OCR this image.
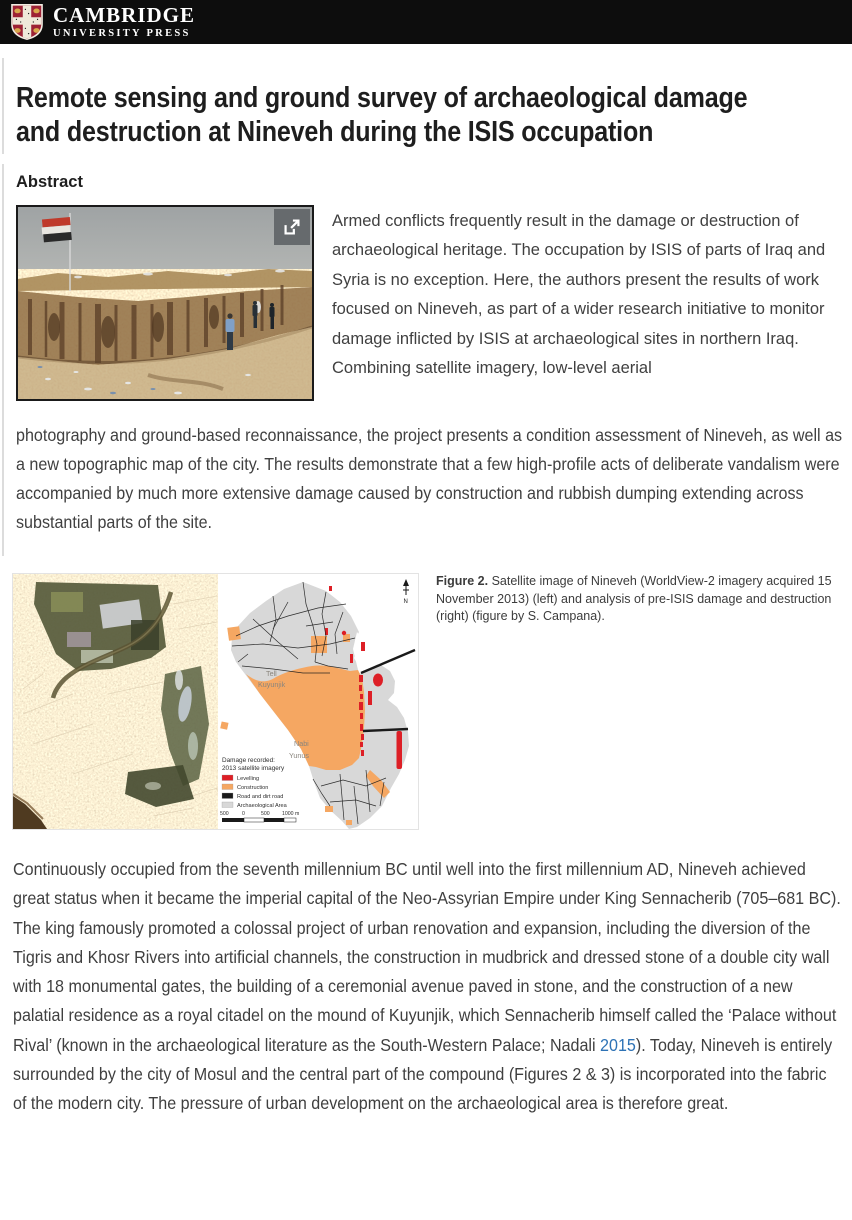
CAMBRIDGE
UNIVERSITY PRESS
Remote sensing and ground survey of archaeological damage and destruction at Nineveh during the ISIS occupation
Abstract

Armed conflicts frequently result in the damage or destruction of archaeological heritage. The occupation by ISIS of parts of Iraq and Syria is no exception. Here, the authors present the results of work focused on Nineveh, as part of a wider research initiative to monitor damage inflicted by ISIS at archaeological sites in northern Iraq. Combining satellite imagery, low-level aerial

photography and ground-based reconnaissance, the project presents a condition assessment of Nineveh, as well as a new topographic map of the city. The results demonstrate that a few high-profile acts of deliberate vandalism were accompanied by much more extensive damage caused by construction and rubbish dumping extending across substantial parts of the site.

Tell
Kuyunjik
Nabi
Yunus
N
Damage recorded:
2013 satellite imagery
Levelling
Construction
Road and dirt road
Archaeological Area
500	0	500 1000 m

Figure 2. Satellite image of Nineveh (WorldView-2 imagery acquired 15 November 2013) (left) and analysis of pre-ISIS damage and destruction (right) (figure by S. Campana).

Continuously occupied from the seventh millennium BC until well into the first millennium AD, Nineveh achieved great status when it became the imperial capital of the Neo-Assyrian Empire under King Sennacherib (705–681 BC). The king famously promoted a colossal project of urban renovation and expansion, including the diversion of the Tigris and Khosr Rivers into artificial channels, the construction in mudbrick and dressed stone of a double city wall with 18 monumental gates, the building of a ceremonial avenue paved in stone, and the construction of a new palatial residence as a royal citadel on the mound of Kuyunjik, which Sennacherib himself called the ‘Palace without Rival’ (known in the archaeological literature as the South-Western Palace; Nadali 2015). Today, Nineveh is entirely surrounded by the city of Mosul and the central part of the compound (Figures 2 & 3) is incorporated into the fabric of the modern city. The pressure of urban development on the archaeological area is therefore great.
